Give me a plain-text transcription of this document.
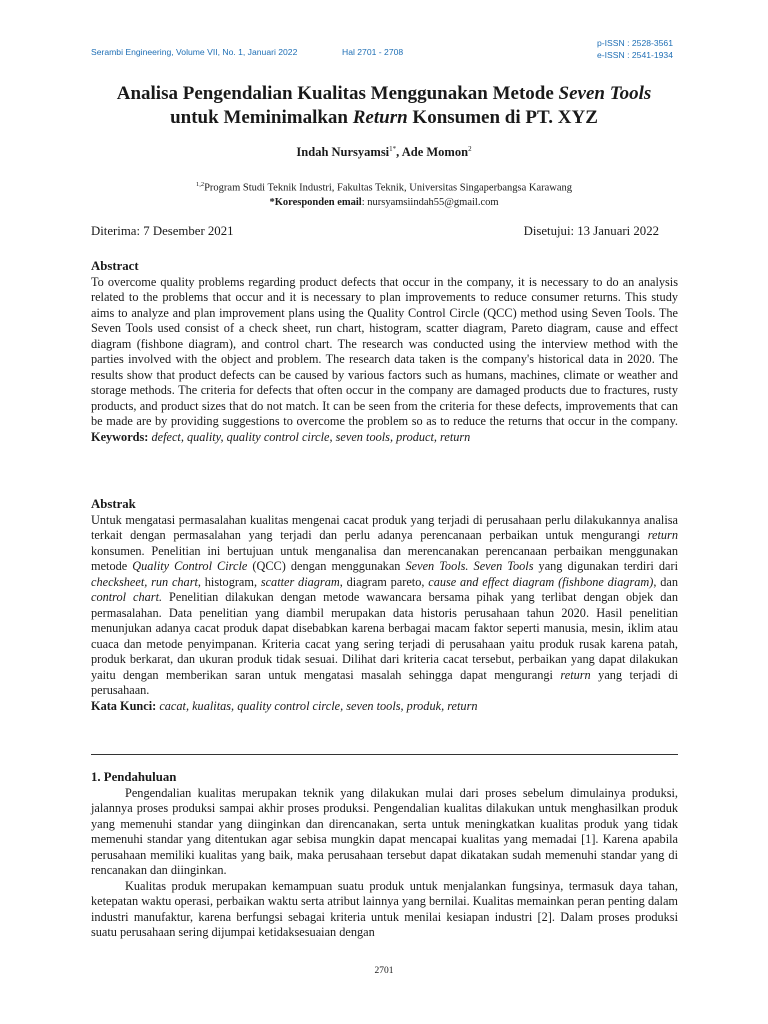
Serambi Engineering, Volume VII, No. 1, Januari 2022	Hal 2701 - 2708
p-ISSN : 2528-3561
e-ISSN : 2541-1934
Analisa Pengendalian Kualitas Menggunakan Metode Seven Tools
untuk Meminimalkan Return Konsumen di PT. XYZ
Indah Nursyamsi$^{1*}$, Ade Momon$^2$
$^{1,2}$Program Studi Teknik Industri, Fakultas Teknik, Universitas Singaperbangsa Karawang
*Koresponden email: nursyamsiindah55@gmail.com
Diterima: 7 Desember 2021	Disetujui: 13 Januari 2022
Abstract

To overcome quality problems regarding product defects that occur in the company, it is necessary to do an analysis related to the problems that occur and it is necessary to plan improvements to reduce consumer returns. This study aims to analyze and plan improvement plans using the Quality Control Circle (QCC) method using Seven Tools. The Seven Tools used consist of a check sheet, run chart, histogram, scatter diagram, Pareto diagram, cause and effect diagram (fishbone diagram), and control chart. The research was conducted using the interview method with the parties involved with the object and problem. The research data taken is the company's historical data in 2020. The results show that product defects can be caused by various factors such as humans, machines, climate or weather and storage methods. The criteria for defects that often occur in the company are damaged products due to fractures, rusty products, and product sizes that do not match. It can be seen from the criteria for these defects, improvements that can be made are by providing suggestions to overcome the problem so as to reduce the returns that occur in the company. Keywords: defect, quality, quality control circle, seven tools, product, return

Abstrak

Untuk mengatasi permasalahan kualitas mengenai cacat produk yang terjadi di perusahaan perlu dilakukannya analisa terkait dengan permasalahan yang terjadi dan perlu adanya perencanaan perbaikan untuk mengurangi return konsumen. Penelitian ini bertujuan untuk menganalisa dan merencanakan perencanaan perbaikan menggunakan metode Quality Control Circle (QCC) dengan menggunakan Seven Tools. Seven Tools yang digunakan terdiri dari checksheet, run chart, histogram, scatter diagram, diagram pareto, cause and effect diagram (fishbone diagram), dan control chart. Penelitian dilakukan dengan metode wawancara bersama pihak yang terlibat dengan objek dan permasalahan. Data penelitian yang diambil merupakan data historis perusahaan tahun 2020. Hasil penelitian menunjukan adanya cacat produk dapat disebabkan karena berbagai macam faktor seperti manusia, mesin, iklim atau cuaca dan metode penyimpanan. Kriteria cacat yang sering terjadi di perusahaan yaitu produk rusak karena patah, produk berkarat, dan ukuran produk tidak sesuai. Dilihat dari kriteria cacat tersebut, perbaikan yang dapat dilakukan yaitu dengan memberikan saran untuk mengatasi masalah sehingga dapat mengurangi return yang terjadi di perusahaan.

Kata Kunci: cacat, kualitas, quality control circle, seven tools, produk, return

1. Pendahuluan

Pengendalian kualitas merupakan teknik yang dilakukan mulai dari proses sebelum dimulainya produksi, jalannya proses produksi sampai akhir proses produksi. Pengendalian kualitas dilakukan untuk menghasilkan produk yang memenuhi standar yang diinginkan dan direncanakan, serta untuk meningkatkan kualitas produk yang tidak memenuhi standar yang ditentukan agar sebisa mungkin dapat mencapai kualitas yang memadai [1]. Karena apabila perusahaan memiliki kualitas yang baik, maka perusahaan tersebut dapat dikatakan sudah memenuhi standar yang di rencanakan dan diinginkan.

Kualitas produk merupakan kemampuan suatu produk untuk menjalankan fungsinya, termasuk daya tahan, ketepatan waktu operasi, perbaikan waktu serta atribut lainnya yang bernilai. Kualitas memainkan peran penting dalam industri manufaktur, karena berfungsi sebagai kriteria untuk menilai kesiapan industri [2]. Dalam proses produksi suatu perusahaan sering dijumpai ketidaksesuaian dengan

2701
